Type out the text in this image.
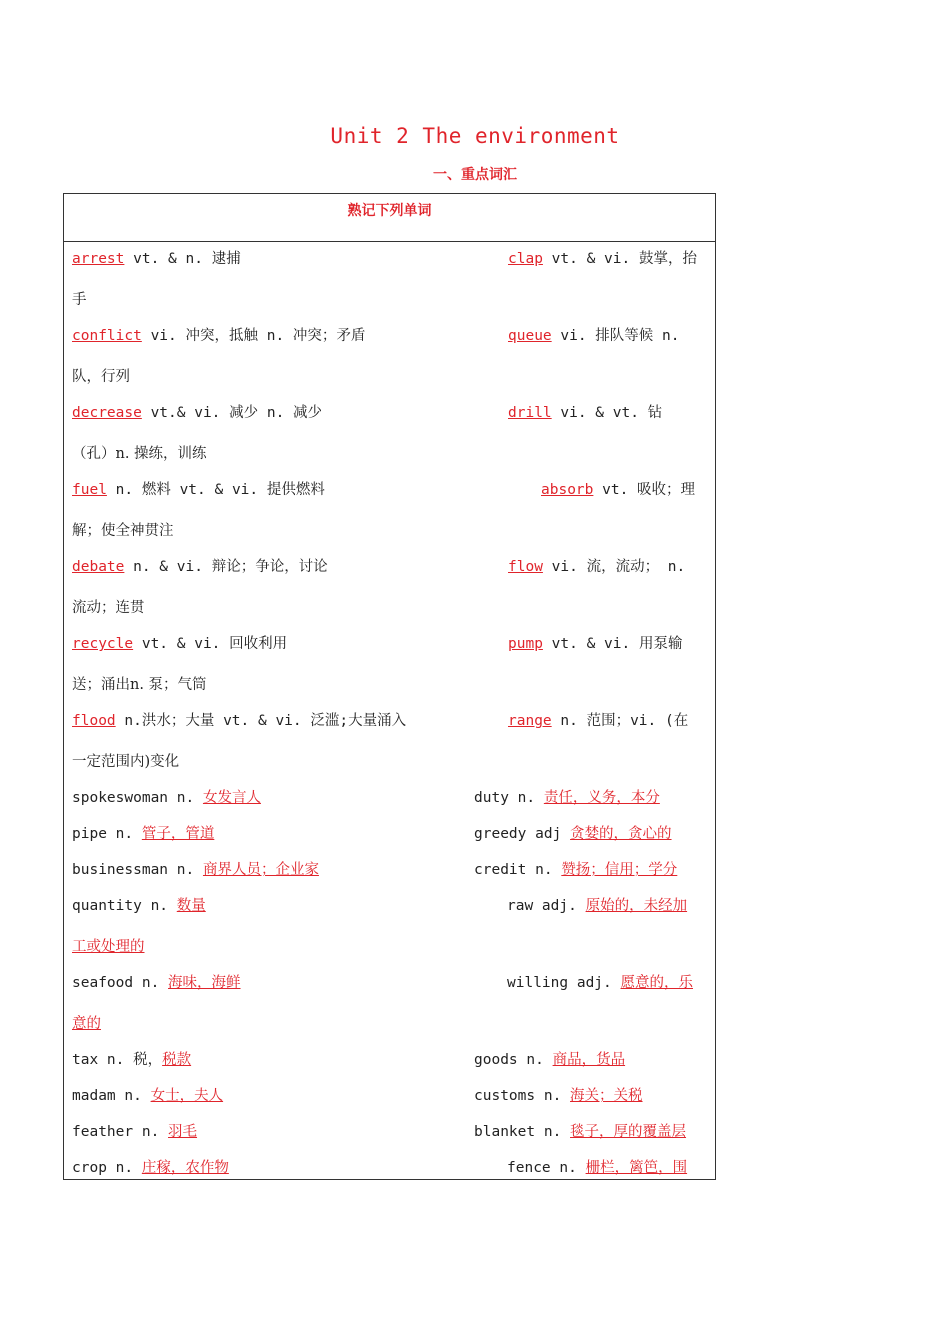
Unit 2 The environment
一、重点词汇
熟记下列单词
arrest vt. & n. 逮捕	clap vt. & vi. 鼓掌，抬
手
conflict vi. 冲突，抵触 n. 冲突；矛盾	queue vi. 排队等候 n.
队，行列
decrease vt.& vi. 减少 n. 减少	drill vi. & vt. 钻
（孔）n. 操练，训练
fuel n. 燃料 vt. & vi. 提供燃料	absorb vt. 吸收；理
解；使全神贯注
debate n. & vi. 辩论；争论，讨论	flow vi. 流，流动； n.
流动；连贯
recycle vt. & vi. 回收利用	pump vt. & vi. 用泵输
送；涌出n. 泵；气筒
flood n.洪水；大量 vt. & vi. 泛滥;大量涌入	range n. 范围；vi. (在
一定范围内)变化
spokeswoman n. 女发言人	duty n. 责任，义务，本分
pipe n. 管子，管道	greedy adj 贪婪的，贪心的
businessman n. 商界人员；企业家	credit n. 赞扬；信用；学分
quantity n. 数量	raw adj. 原始的，未经加
工或处理的
seafood n. 海味，海鲜	willing adj. 愿意的，乐
意的
tax n. 税，税款	goods n. 商品，货品
madam n. 女士，夫人	customs n. 海关；关税
feather n. 羽毛	blanket n. 毯子，厚的覆盖层
crop n. 庄稼，农作物	fence n. 栅栏，篱笆，围
